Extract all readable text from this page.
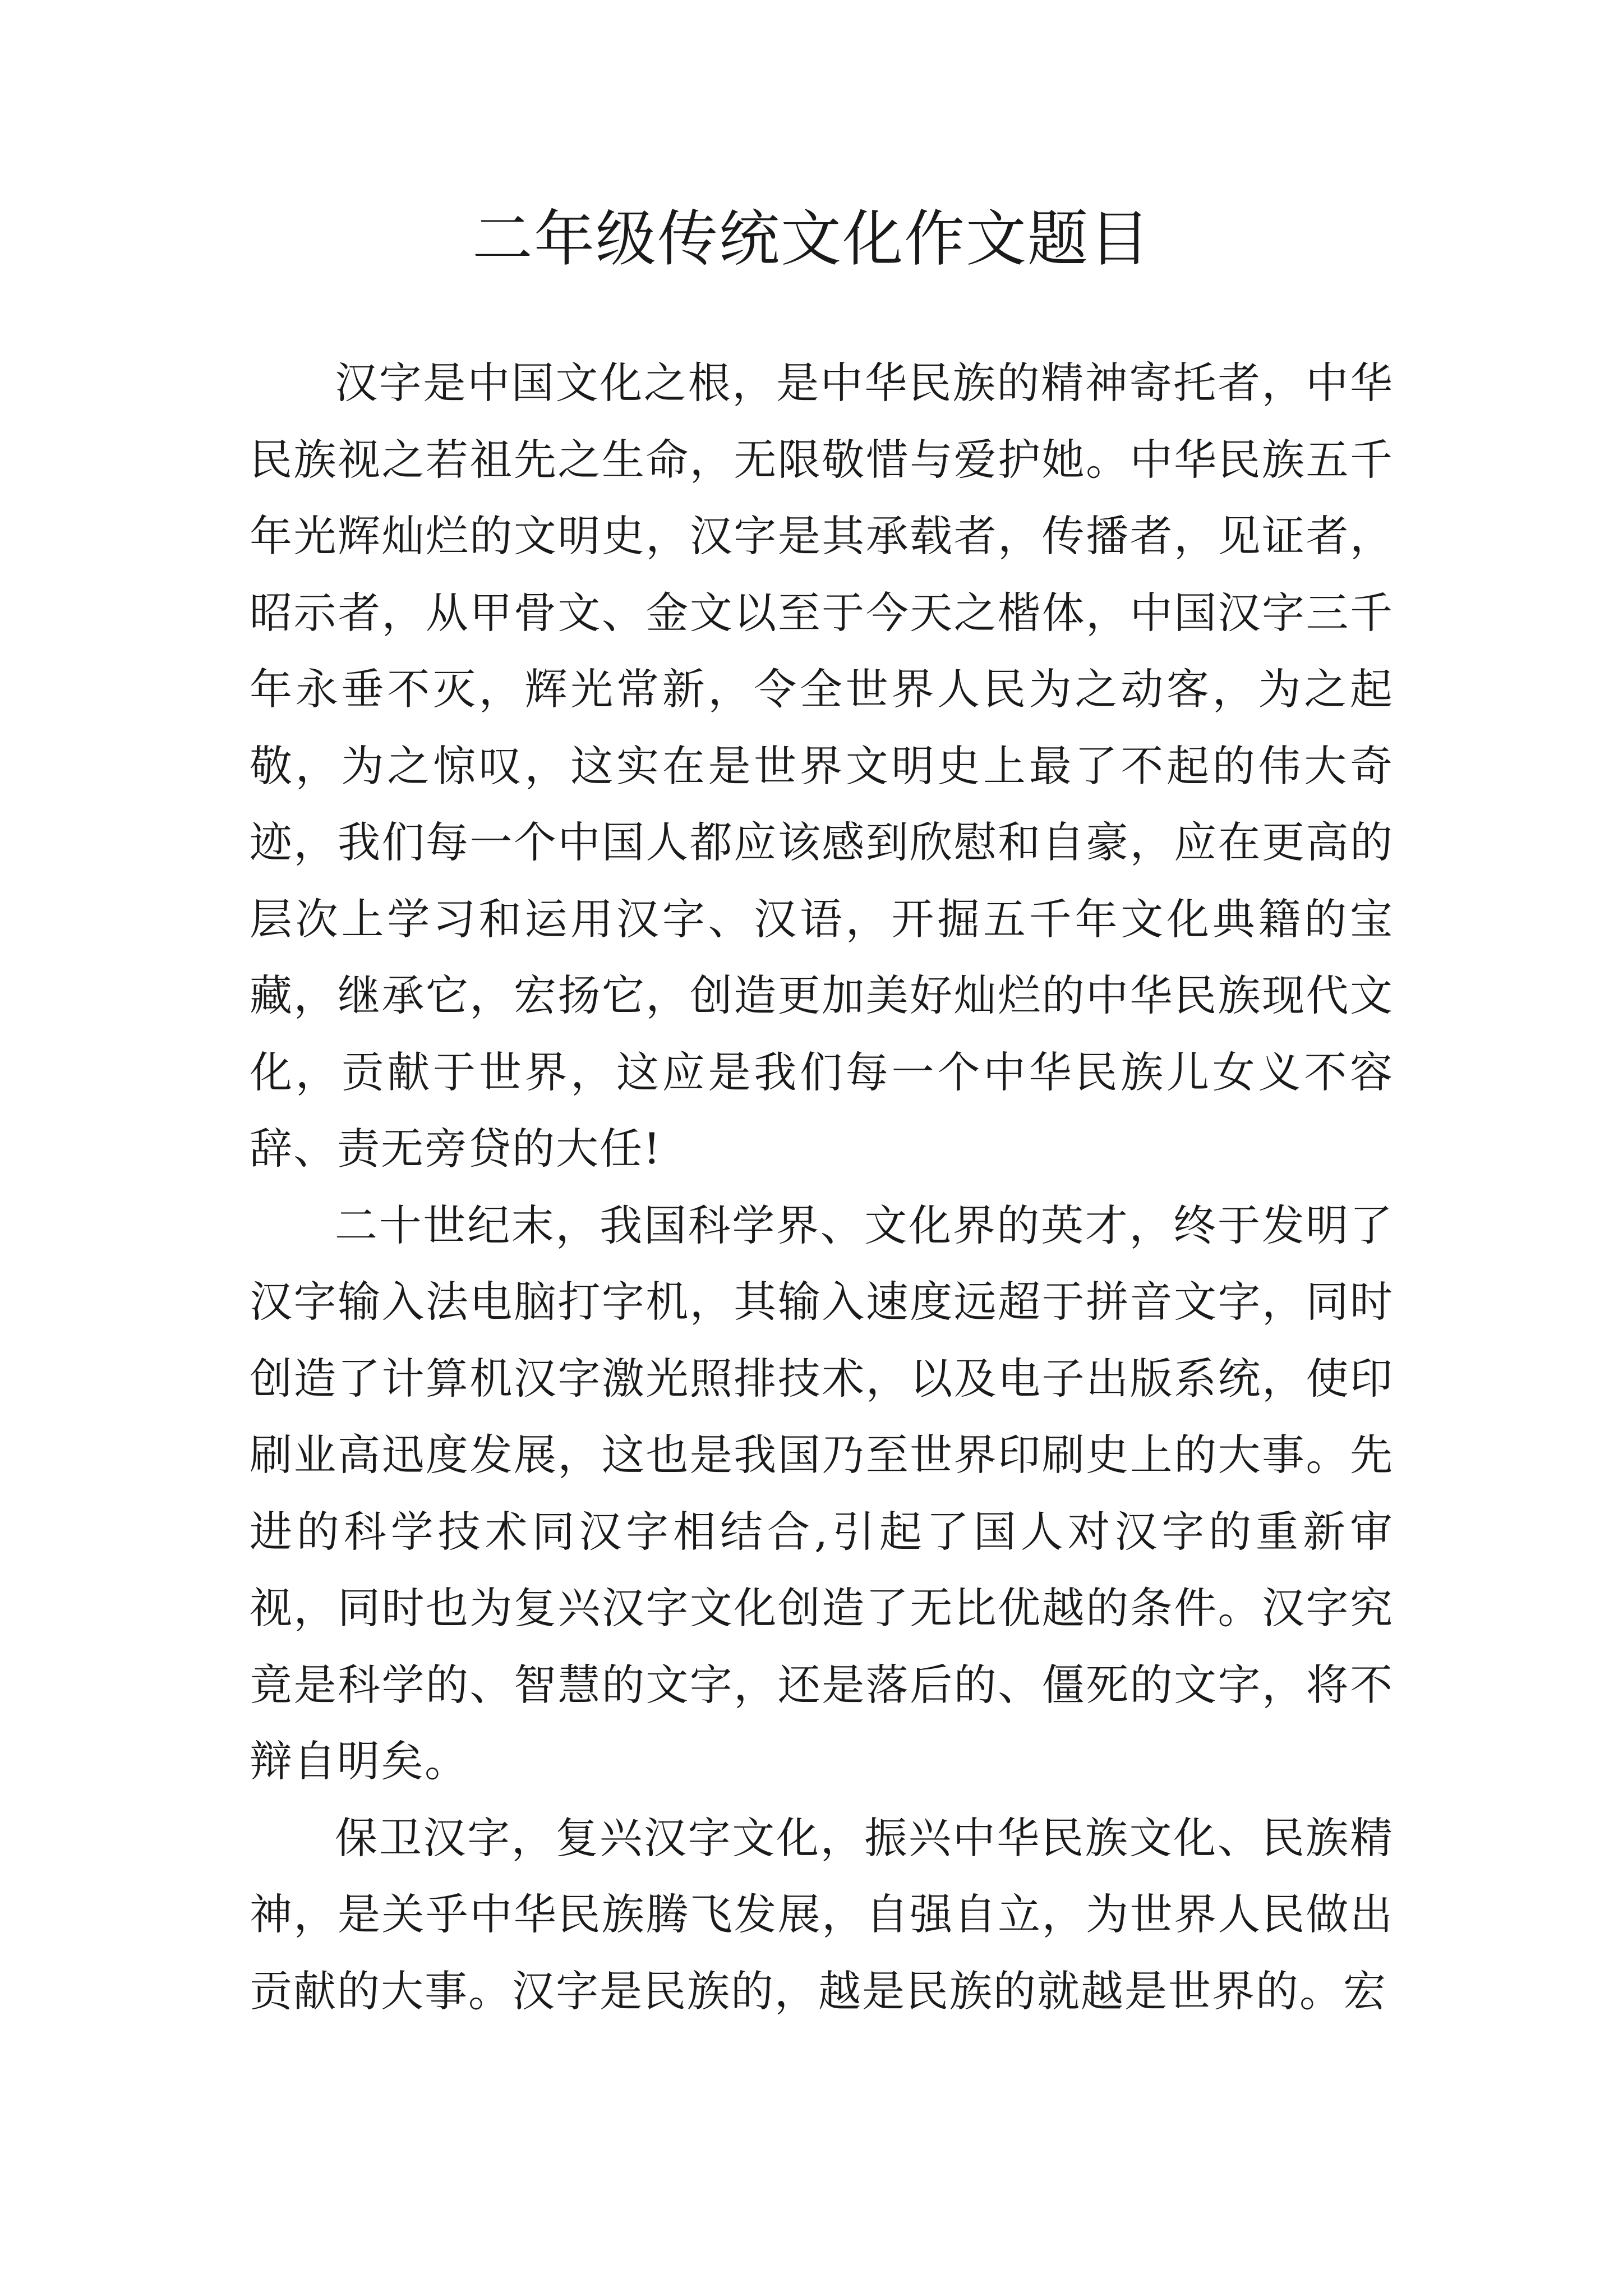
二年级传统文化作文题目

汉字是中国文化之根，是中华民族的精神寄托者，中华民族视之若祖先之生命，无限敬惜与爱护她。中华民族五千年光辉灿烂的文明史，汉字是其承载者，传播者，见证者，昭示者，从甲骨文、金文以至于今天之楷体，中国汉字三千年永垂不灭，辉光常新，令全世界人民为之动客，为之起敬，为之惊叹，这实在是世界文明史上最了不起的伟大奇迹，我们每一个中国人都应该感到欣慰和自豪，应在更高的层次上学习和运用汉字、汉语，开掘五千年文化典籍的宝藏，继承它，宏扬它，创造更加美好灿烂的中华民族现代文化，贡献于世界，这应是我们每一个中华民族儿女义不容辞、责无旁贷的大任!

二十世纪末，我国科学界、文化界的英才，终于发明了汉字输入法电脑打字机，其输入速度远超于拼音文字，同时创造了计算机汉字激光照排技术，以及电子出版系统，使印刷业高迅度发展，这也是我国乃至世界印刷史上的大事。先进的科学技术同汉字相结合,引起了国人对汉字的重新审视，同时也为复兴汉字文化创造了无比优越的条件。汉字究竟是科学的、智慧的文字，还是落后的、僵死的文字，将不辩自明矣。

保卫汉字，复兴汉字文化，振兴中华民族文化、民族精神，是关乎中华民族腾飞发展，自强自立，为世界人民做出贡献的大事。汉字是民族的，越是民族的就越是世界的。宏
